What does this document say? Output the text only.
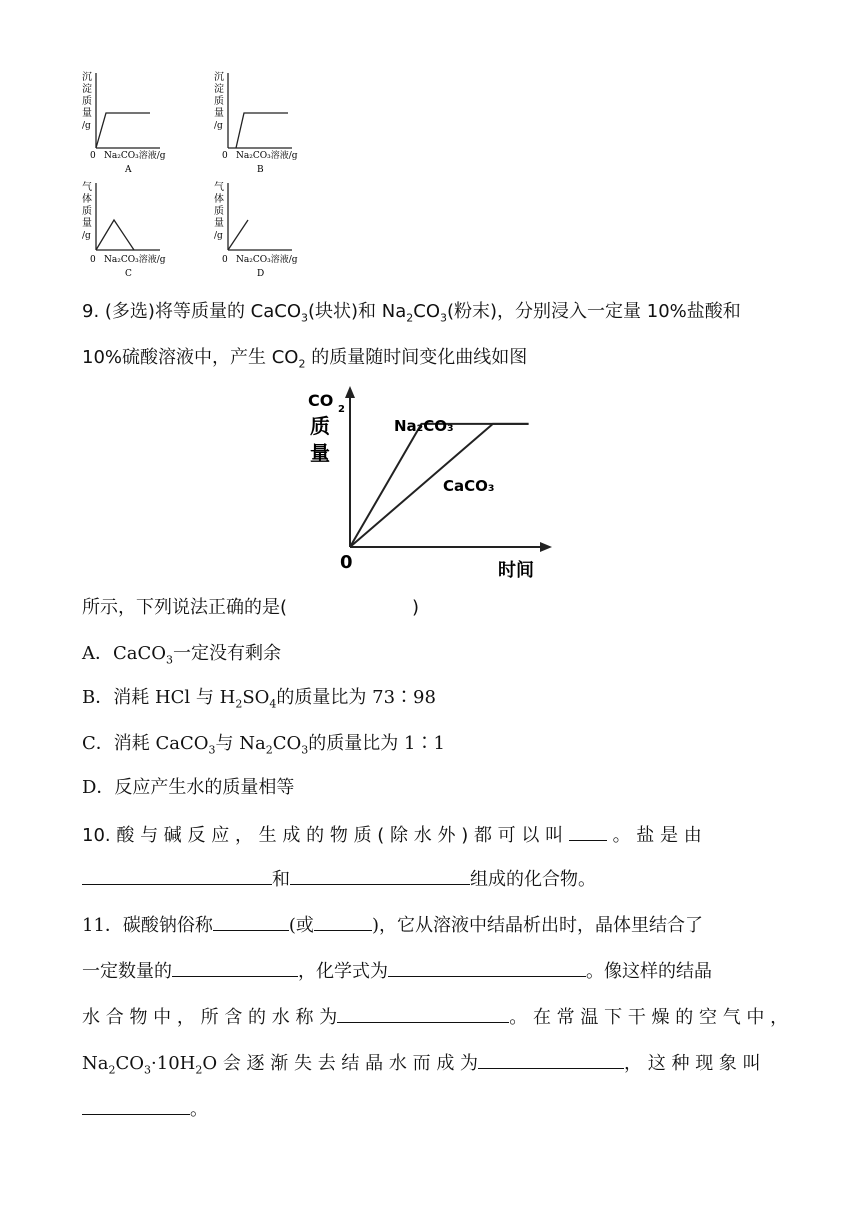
沉
淀
质
量
/g
0 Na₂CO₃溶液/g
A
沉
淀
质
量
/g
0 Na₂CO₃溶液/g
B
气
体
质
量
/g
0 Na₂CO₃溶液/g
C
气
体
质
量
/g
0 Na₂CO₃溶液/g
D
9. (多选)将等质量的 CaCO$_3$(块状)和 $Na_2CO_3$(粉末)，分别浸入一定量 10%盐酸和
10%硫酸溶液中，产生 $CO_2$ 的质量随时间变化曲线如图
CO 2
质
量
0	时间
Na₂CO₃
CaCO₃
所示，下列说法正确的是(	)
A．CaCO$_3$一定没有剩余
B．消耗 HCl 与 $H_2SO_4$的质量比为 73∶98
C．消耗 CaCO$_3$与 $Na_2CO_3$的质量比为 1∶1
D．反应产生水的质量相等
10. 酸 与 碱 反 应 ， 生 成 的 物 质 ( 除 水 外 ) 都 可 以 叫	。 盐 是 由
和	组成的化合物。
11．碳酸钠俗称	(或	)，它从溶液中结晶析出时，晶体里结合了
一定数量的	，化学式为	。像这样的结晶
水 合 物 中 ， 所 含 的 水 称 为	。 在 常 温 下 干 燥 的 空 气 中 ，
$Na_2CO_3\cdot 10H_2O$ 会 逐 渐 失 去 结 晶 水 而 成 为	， 这 种 现 象 叫
。
